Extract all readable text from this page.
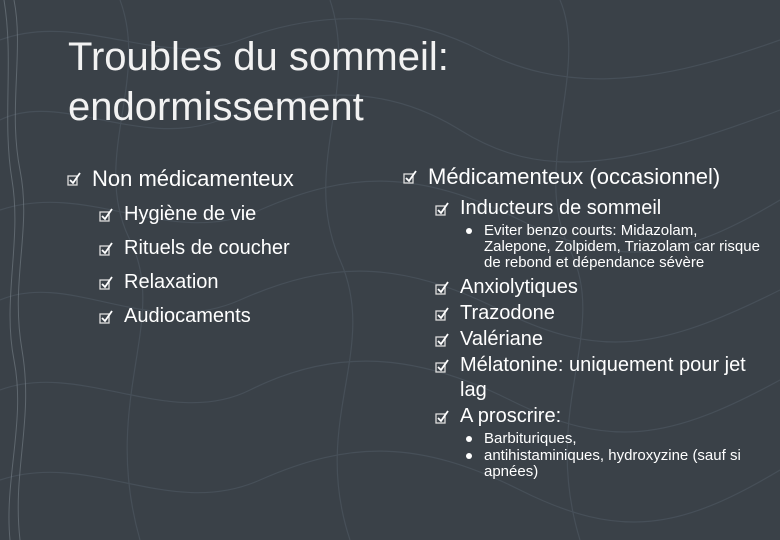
Troubles du sommeil: endormissement
Non médicamenteux
Hygiène de vie
Rituels de coucher
Relaxation
Audiocaments
Médicamenteux (occasionnel)
Inducteurs de sommeil
Eviter benzo courts: Midazolam, Zalepone, Zolpidem, Triazolam car risque de rebond et dépendance sévère
Anxiolytiques
Trazodone
Valériane
Mélatonine: uniquement pour jet lag
A proscrire:
Barbituriques,
antihistaminiques, hydroxyzine (sauf si apnées)
